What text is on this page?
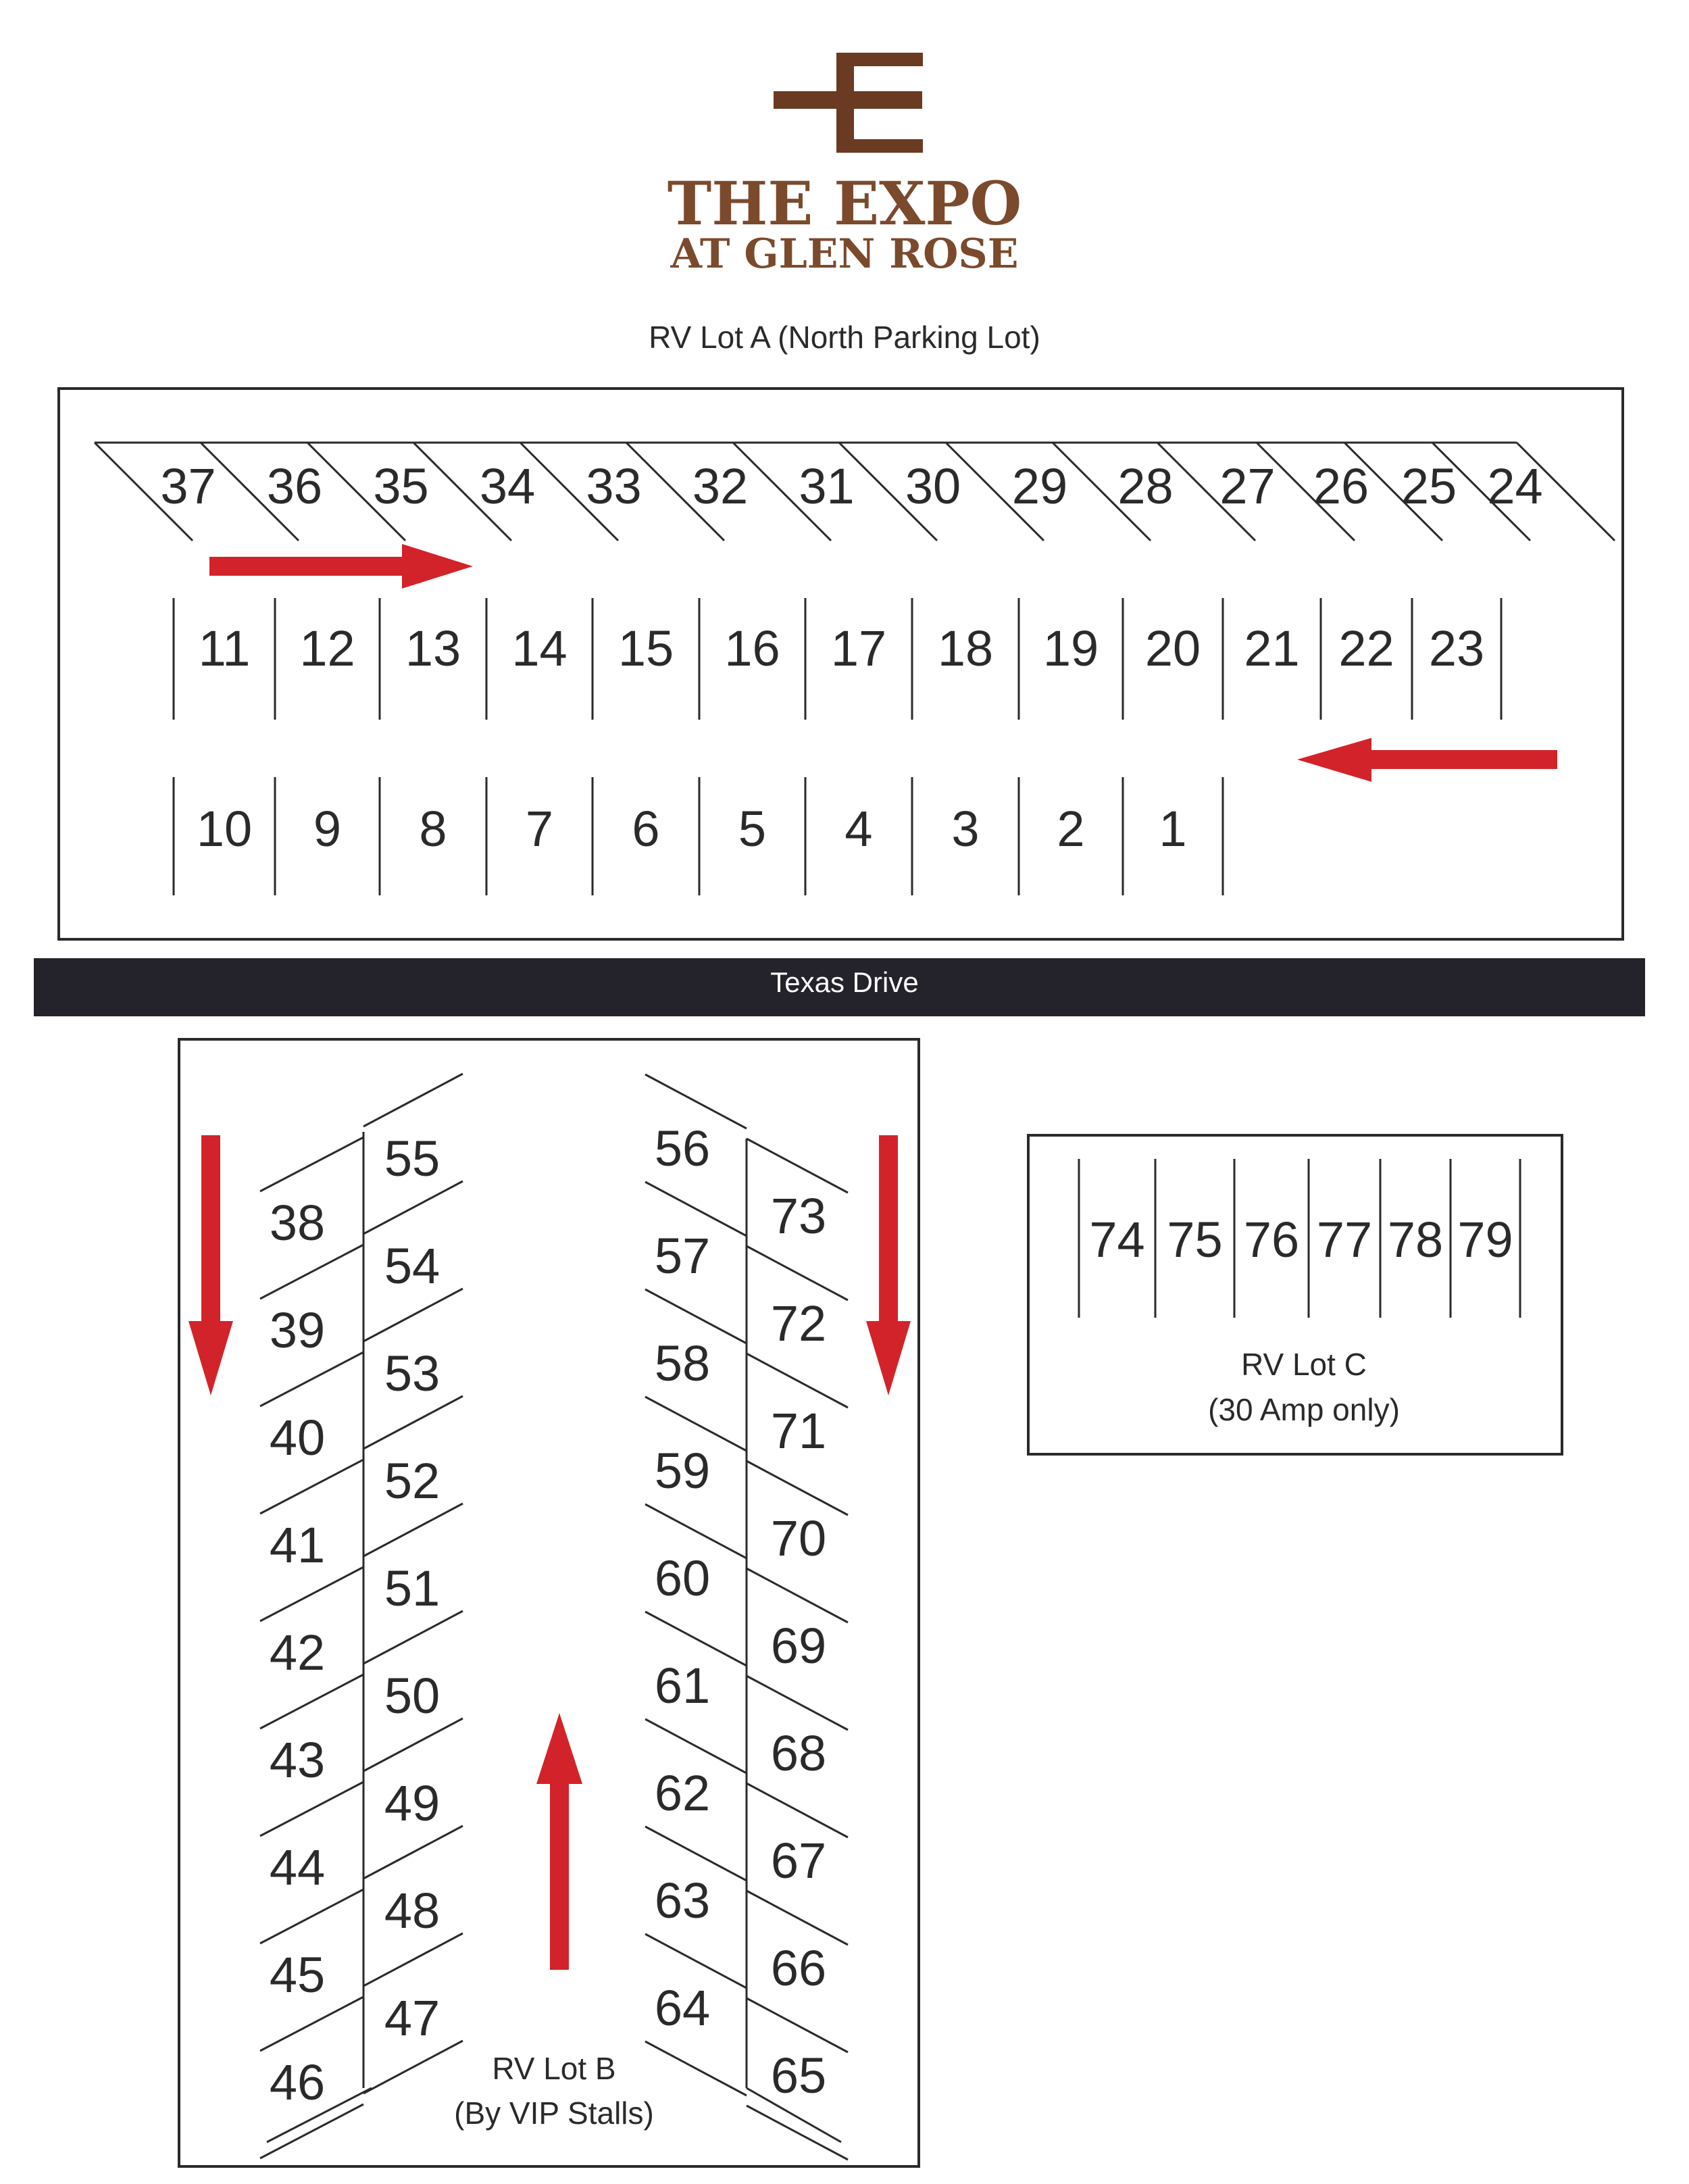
THE EXPO
AT GLEN ROSE
RV Lot A (North Parking Lot)
37 36 35 34 33 32 31 30 29 28 27 26 25 24
11 12 13 14 15 16 17 18 19 20 21 22 23
10 9 8 7 6 5 4 3 2 1
Texas Drive
38
39
40
41
42
43
44
45
46
55
54
53
52
51
50
49
48
47
56
57
58
59
60
61
62
63
64
73
72
71
70
69
68
67
66
65
RV Lot B
(By VIP Stalls)
74 75 76 77 78 79
RV Lot C
(30 Amp only)
